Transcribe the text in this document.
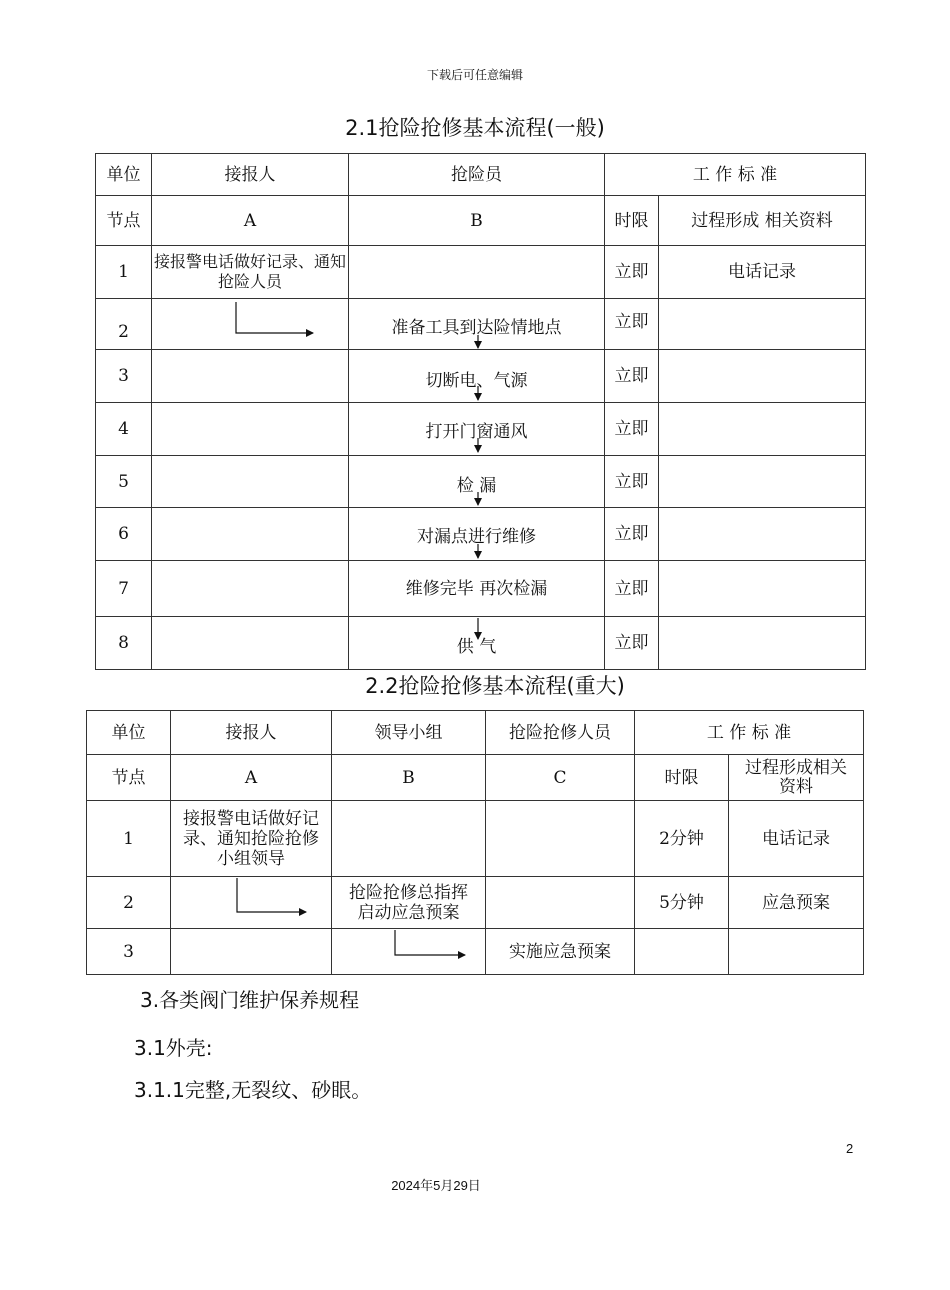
下载后可任意编辑
2.1抢险抢修基本流程(一般)
单位	接报人	抢险员	工 作 标 准	
节点	A	B	时限	过程形成 相关资料
1	接报警电话做好记录、通知抢险人员		立即	电话记录
2		准备工具到达险情地点	立即	
3		切断电、气源	立即	
4		打开门窗通风	立即	
5		检 漏	立即	
6		对漏点进行维修	立即	
7		维修完毕 再次检漏	立即	
8		供 气	立即	
2.2抢险抢修基本流程(重大)
单位	接报人	领导小组	抢险抢修人员	工 作 标 准	
节点	A	B	C	时限	过程形成相关资料
1	接报警电话做好记录、通知抢险抢修小组领导			2分钟	电话记录
2		抢险抢修总指挥启动应急预案		5分钟	应急预案
3			实施应急预案		
3.各类阀门维护保养规程
3.1外壳:
3.1.1完整,无裂纹、砂眼。
2
2024年5月29日
